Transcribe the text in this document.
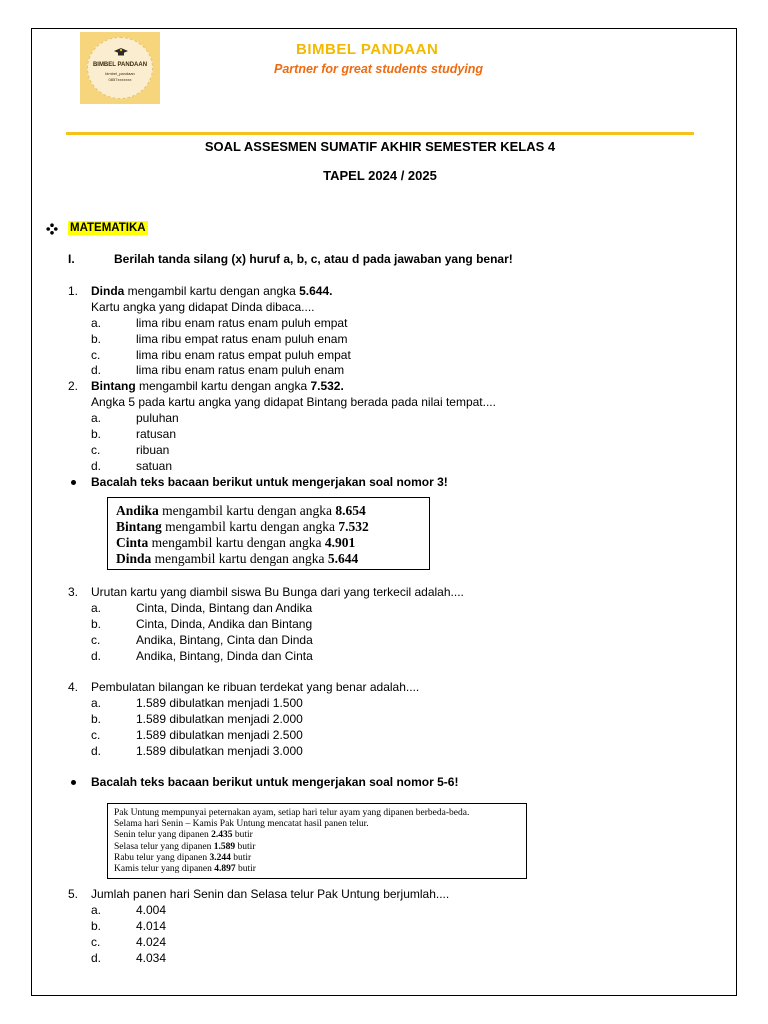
BIMBEL PANDAAN
bimbel_pandaan
0857xxxxxxx
BIMBEL PANDAAN
Partner for great students studying
SOAL ASSESMEN SUMATIF AKHIR SEMESTER KELAS 4
TAPEL 2024 / 2025
MATEMATIKA
I.	Berilah tanda silang (x) huruf a, b, c, atau d pada jawaban yang benar!
1. Dinda mengambil kartu dengan angka 5.644.
Kartu angka yang didapat Dinda dibaca....
a.	lima ribu enam ratus enam puluh empat
b.	lima ribu empat ratus enam puluh enam
c.	lima ribu enam ratus empat puluh empat
d.	lima ribu enam ratus enam puluh enam
2. Bintang mengambil kartu dengan angka 7.532.
Angka 5 pada kartu angka yang didapat Bintang berada pada nilai tempat....
a.	puluhan
b.	ratusan
c.	ribuan
d.	satuan
Bacalah teks bacaan berikut untuk mengerjakan soal nomor 3!
Andika mengambil kartu dengan angka 8.654
Bintang mengambil kartu dengan angka 7.532
Cinta mengambil kartu dengan angka 4.901
Dinda mengambil kartu dengan angka 5.644
3. Urutan kartu yang diambil siswa Bu Bunga dari yang terkecil adalah....
a.	Cinta, Dinda, Bintang dan Andika
b.	Cinta, Dinda, Andika dan Bintang
c.	Andika, Bintang, Cinta dan Dinda
d.	Andika, Bintang, Dinda dan Cinta
4. Pembulatan bilangan ke ribuan terdekat yang benar adalah....
a.	1.589 dibulatkan menjadi 1.500
b.	1.589 dibulatkan menjadi 2.000
c.	1.589 dibulatkan menjadi 2.500
d.	1.589 dibulatkan menjadi 3.000
Bacalah teks bacaan berikut untuk mengerjakan soal nomor 5-6!
Pak Untung mempunyai peternakan ayam, setiap hari telur ayam yang dipanen berbeda-beda.
Selama hari Senin – Kamis Pak Untung mencatat hasil panen telur.
Senin telur yang dipanen 2.435 butir
Selasa telur yang dipanen 1.589 butir
Rabu telur yang dipanen 3.244 butir
Kamis telur yang dipanen 4.897 butir
5. Jumlah panen hari Senin dan Selasa telur Pak Untung berjumlah....
a.	4.004
b.	4.014
c.	4.024
d.	4.034
